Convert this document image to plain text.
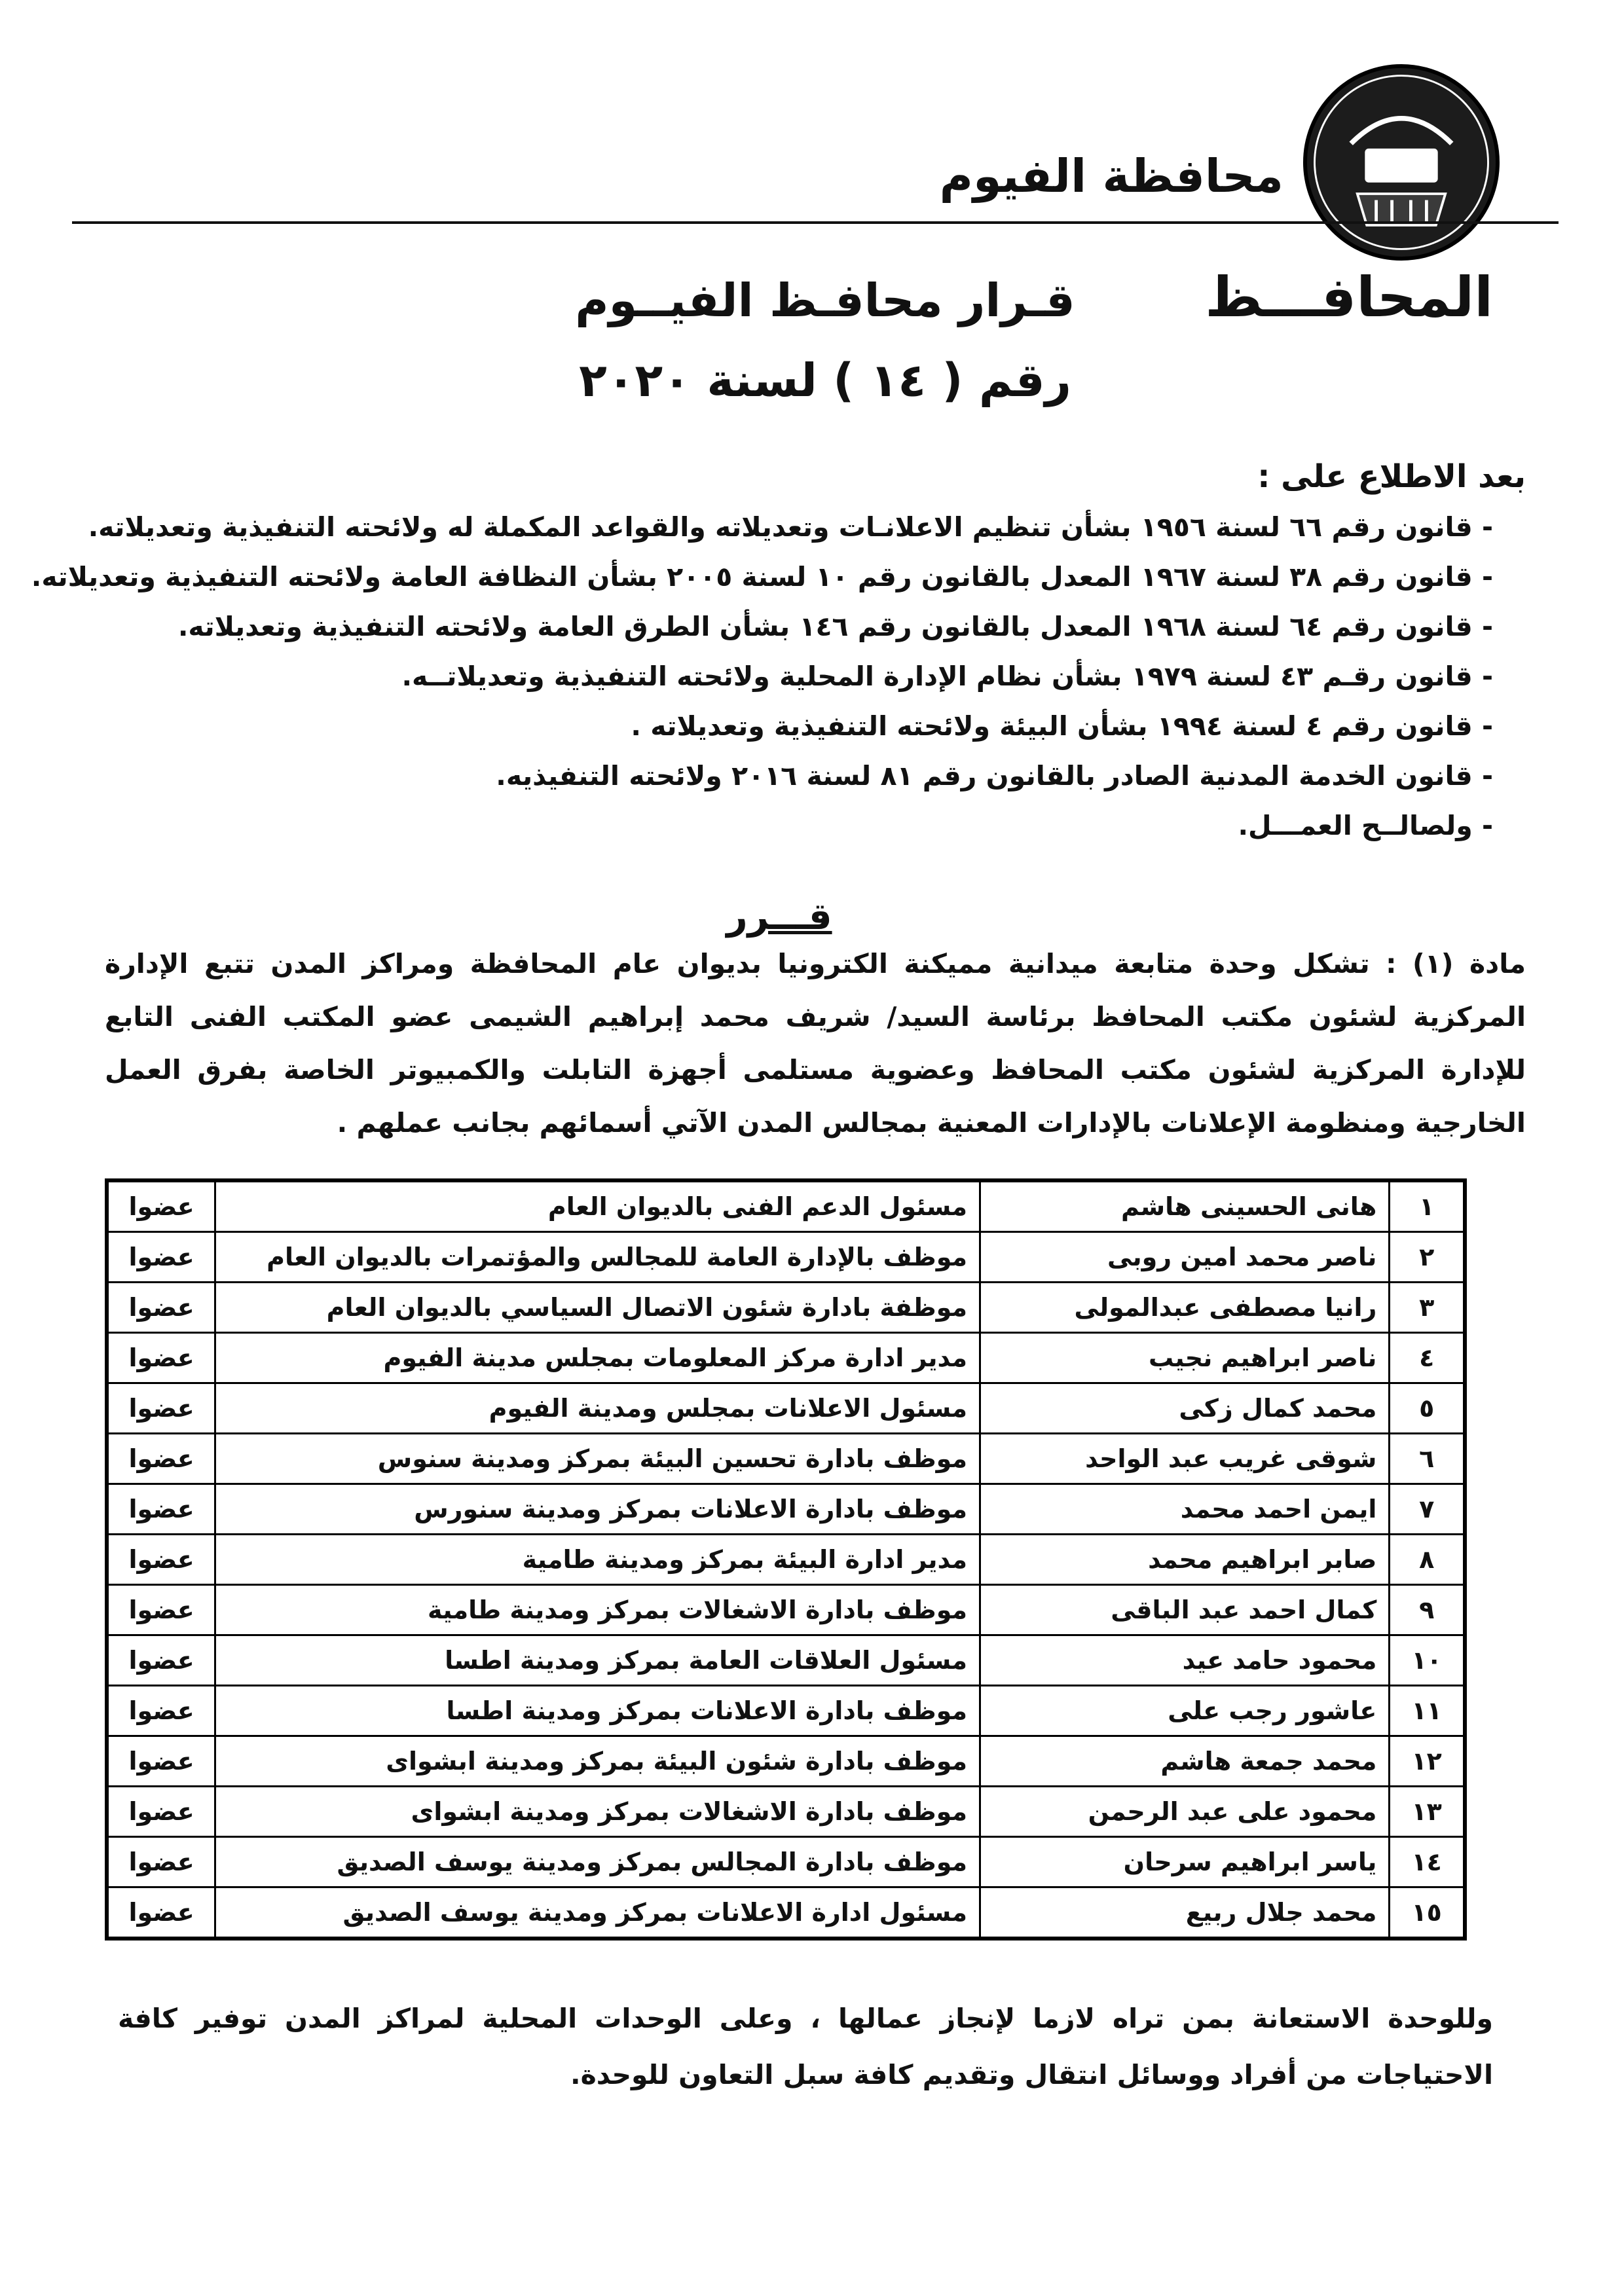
محافظة الفيوم
المحافـــظ
قـرار محافـظ الفيــوم
رقم ( ١٤ ) لسنة ٢٠٢٠
بعد الاطلاع على :
- قانون رقم ٦٦ لسنة ١٩٥٦ بشأن تنظيم الاعلانـات وتعديلاته والقواعد المكملة له ولائحته التنفيذية وتعديلاته.
- قانون رقم ٣٨ لسنة ١٩٦٧ المعدل بالقانون رقم ١٠ لسنة ٢٠٠٥ بشأن النظافة العامة ولائحته التنفيذية وتعديلاته.
- قانون رقم ٦٤ لسنة ١٩٦٨ المعدل بالقانون رقم ١٤٦ بشأن الطرق العامة ولائحته التنفيذية وتعديلاته.
- قانون رقـم ٤٣ لسنة ١٩٧٩ بشأن نظام الإدارة المحلية ولائحته التنفيذية وتعديلاتــه.
- قانون رقم ٤ لسنة ١٩٩٤ بشأن البيئة ولائحته التنفيذية وتعديلاته .
- قانون الخدمة المدنية الصادر بالقانون رقم ٨١ لسنة ٢٠١٦ ولائحته التنفيذيه.
- ولصالــح العمـــل.
قـــرر
مادة (١) : تشكل وحدة متابعة ميدانية مميكنة الكترونيا بديوان عام المحافظة ومراكز المدن تتبع الإدارة المركزية لشئون مكتب المحافظ برئاسة السيد/ شريف محمد إبراهيم الشيمى عضو المكتب الفنى التابع للإدارة المركزية لشئون مكتب المحافظ وعضوية مستلمى أجهزة التابلت والكمبيوتر الخاصة بفرق العمل الخارجية ومنظومة الإعلانات بالإدارات المعنية بمجالس المدن الآتي أسمائهم بجانب عملهم .
١	هانى الحسينى هاشم	مسئول الدعم الفنى بالديوان العام	عضوا
٢	ناصر محمد امين روبى	موظف بالإدارة العامة للمجالس والمؤتمرات بالديوان العام	عضوا
٣	رانيا مصطفى عبدالمولى	موظفة بادارة شئون الاتصال السياسي بالديوان العام	عضوا
٤	ناصر ابراهيم نجيب	مدير ادارة مركز المعلومات بمجلس مدينة الفيوم	عضوا
٥	محمد كمال زكى	مسئول الاعلانات بمجلس ومدينة الفيوم	عضوا
٦	شوقى غريب عبد الواحد	موظف بادارة تحسين البيئة بمركز ومدينة سنوس	عضوا
٧	ايمن احمد محمد	موظف بادارة الاعلانات بمركز ومدينة سنورس	عضوا
٨	صابر ابراهيم محمد	مدير ادارة البيئة بمركز ومدينة طامية	عضوا
٩	كمال احمد عبد الباقى	موظف بادارة الاشغالات بمركز ومدينة طامية	عضوا
١٠	محمود حامد عيد	مسئول العلاقات العامة بمركز ومدينة اطسا	عضوا
١١	عاشور رجب على	موظف بادارة الاعلانات بمركز ومدينة اطسا	عضوا
١٢	محمد جمعة هاشم	موظف بادارة شئون البيئة بمركز ومدينة ابشواى	عضوا
١٣	محمود على عبد الرحمن	موظف بادارة الاشغالات بمركز ومدينة ابشواى	عضوا
١٤	ياسر ابراهيم سرحان	موظف بادارة المجالس بمركز ومدينة يوسف الصديق	عضوا
١٥	محمد جلال ربيع	مسئول ادارة الاعلانات بمركز ومدينة يوسف الصديق	عضوا
وللوحدة الاستعانة بمن تراه لازما لإنجاز عمالها ، وعلى الوحدات المحلية لمراكز المدن توفير كافة الاحتياجات من أفراد ووسائل انتقال وتقديم كافة سبل التعاون للوحدة.
